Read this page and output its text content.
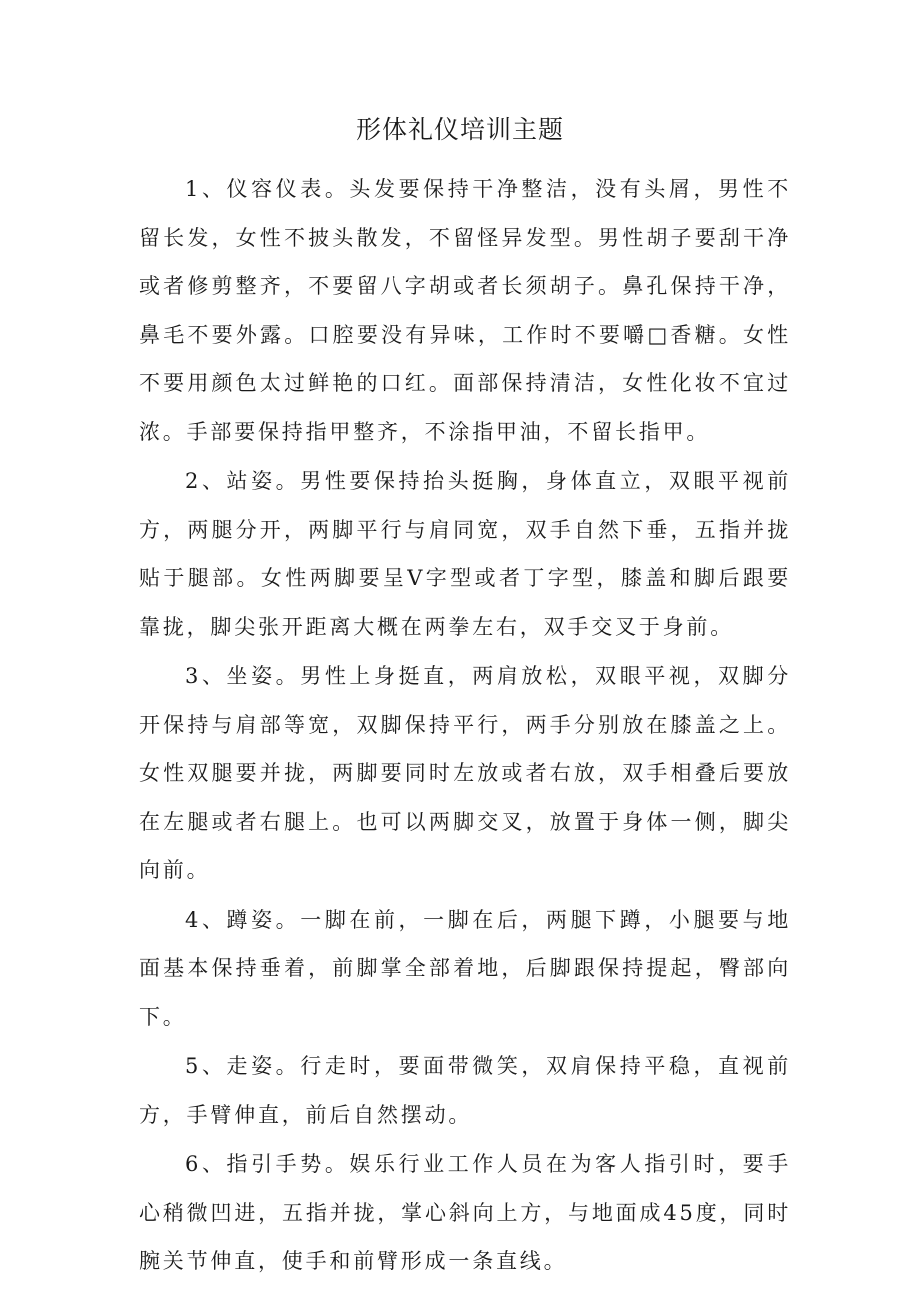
形体礼仪培训主题

1、仪容仪表。头发要保持干净整洁，没有头屑，男性不留长发，女性不披头散发，不留怪异发型。男性胡子要刮干净或者修剪整齐，不要留八字胡或者长须胡子。鼻孔保持干净，鼻毛不要外露。口腔要没有异味，工作时不要嚼□香糖。女性不要用颜色太过鲜艳的口红。面部保持清洁，女性化妆不宜过浓。手部要保持指甲整齐，不涂指甲油，不留长指甲。

2、站姿。男性要保持抬头挺胸，身体直立，双眼平视前方，两腿分开，两脚平行与肩同宽，双手自然下垂，五指并拢贴于腿部。女性两脚要呈V字型或者丁字型，膝盖和脚后跟要靠拢，脚尖张开距离大概在两拳左右，双手交叉于身前。

3、坐姿。男性上身挺直，两肩放松，双眼平视，双脚分开保持与肩部等宽，双脚保持平行，两手分别放在膝盖之上。女性双腿要并拢，两脚要同时左放或者右放，双手相叠后要放在左腿或者右腿上。也可以两脚交叉，放置于身体一侧，脚尖向前。

4、蹲姿。一脚在前，一脚在后，两腿下蹲，小腿要与地面基本保持垂着，前脚掌全部着地，后脚跟保持提起，臀部向下。

5、走姿。行走时，要面带微笑，双肩保持平稳，直视前方，手臂伸直，前后自然摆动。

6、指引手势。娱乐行业工作人员在为客人指引时，要手心稍微凹进，五指并拢，掌心斜向上方，与地面成45度，同时腕关节伸直，使手和前臂形成一条直线。
